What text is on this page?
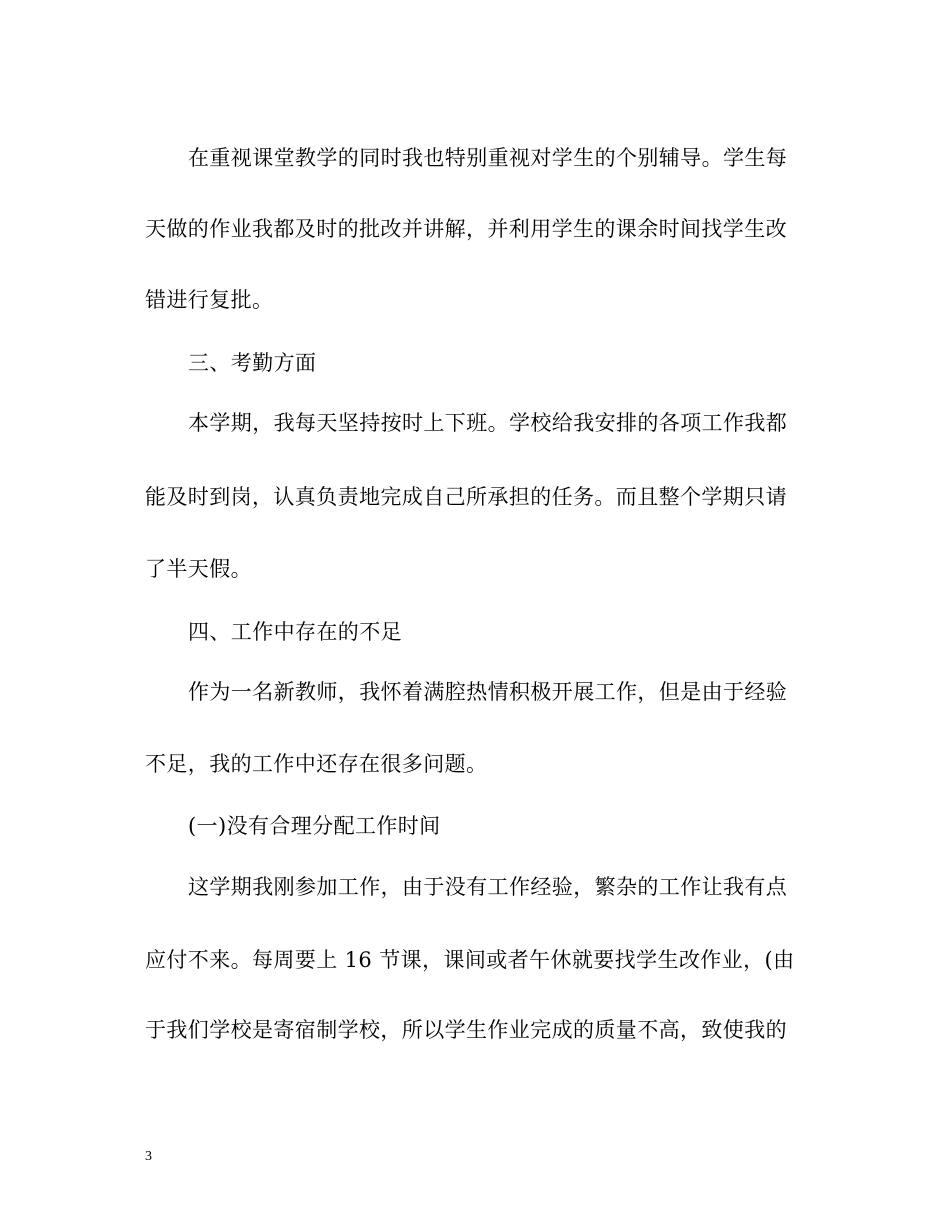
在重视课堂教学的同时我也特别重视对学生的个别辅导。学生每
天做的作业我都及时的批改并讲解，并利用学生的课余时间找学生改
错进行复批。
三、考勤方面
本学期，我每天坚持按时上下班。学校给我安排的各项工作我都
能及时到岗，认真负责地完成自己所承担的任务。而且整个学期只请
了半天假。
四、工作中存在的不足
作为一名新教师，我怀着满腔热情积极开展工作，但是由于经验
不足，我的工作中还存在很多问题。
(一)没有合理分配工作时间
这学期我刚参加工作，由于没有工作经验，繁杂的工作让我有点
应付不来。每周要上 16 节课，课间或者午休就要找学生改作业，(由
于我们学校是寄宿制学校，所以学生作业完成的质量不高，致使我的
3
